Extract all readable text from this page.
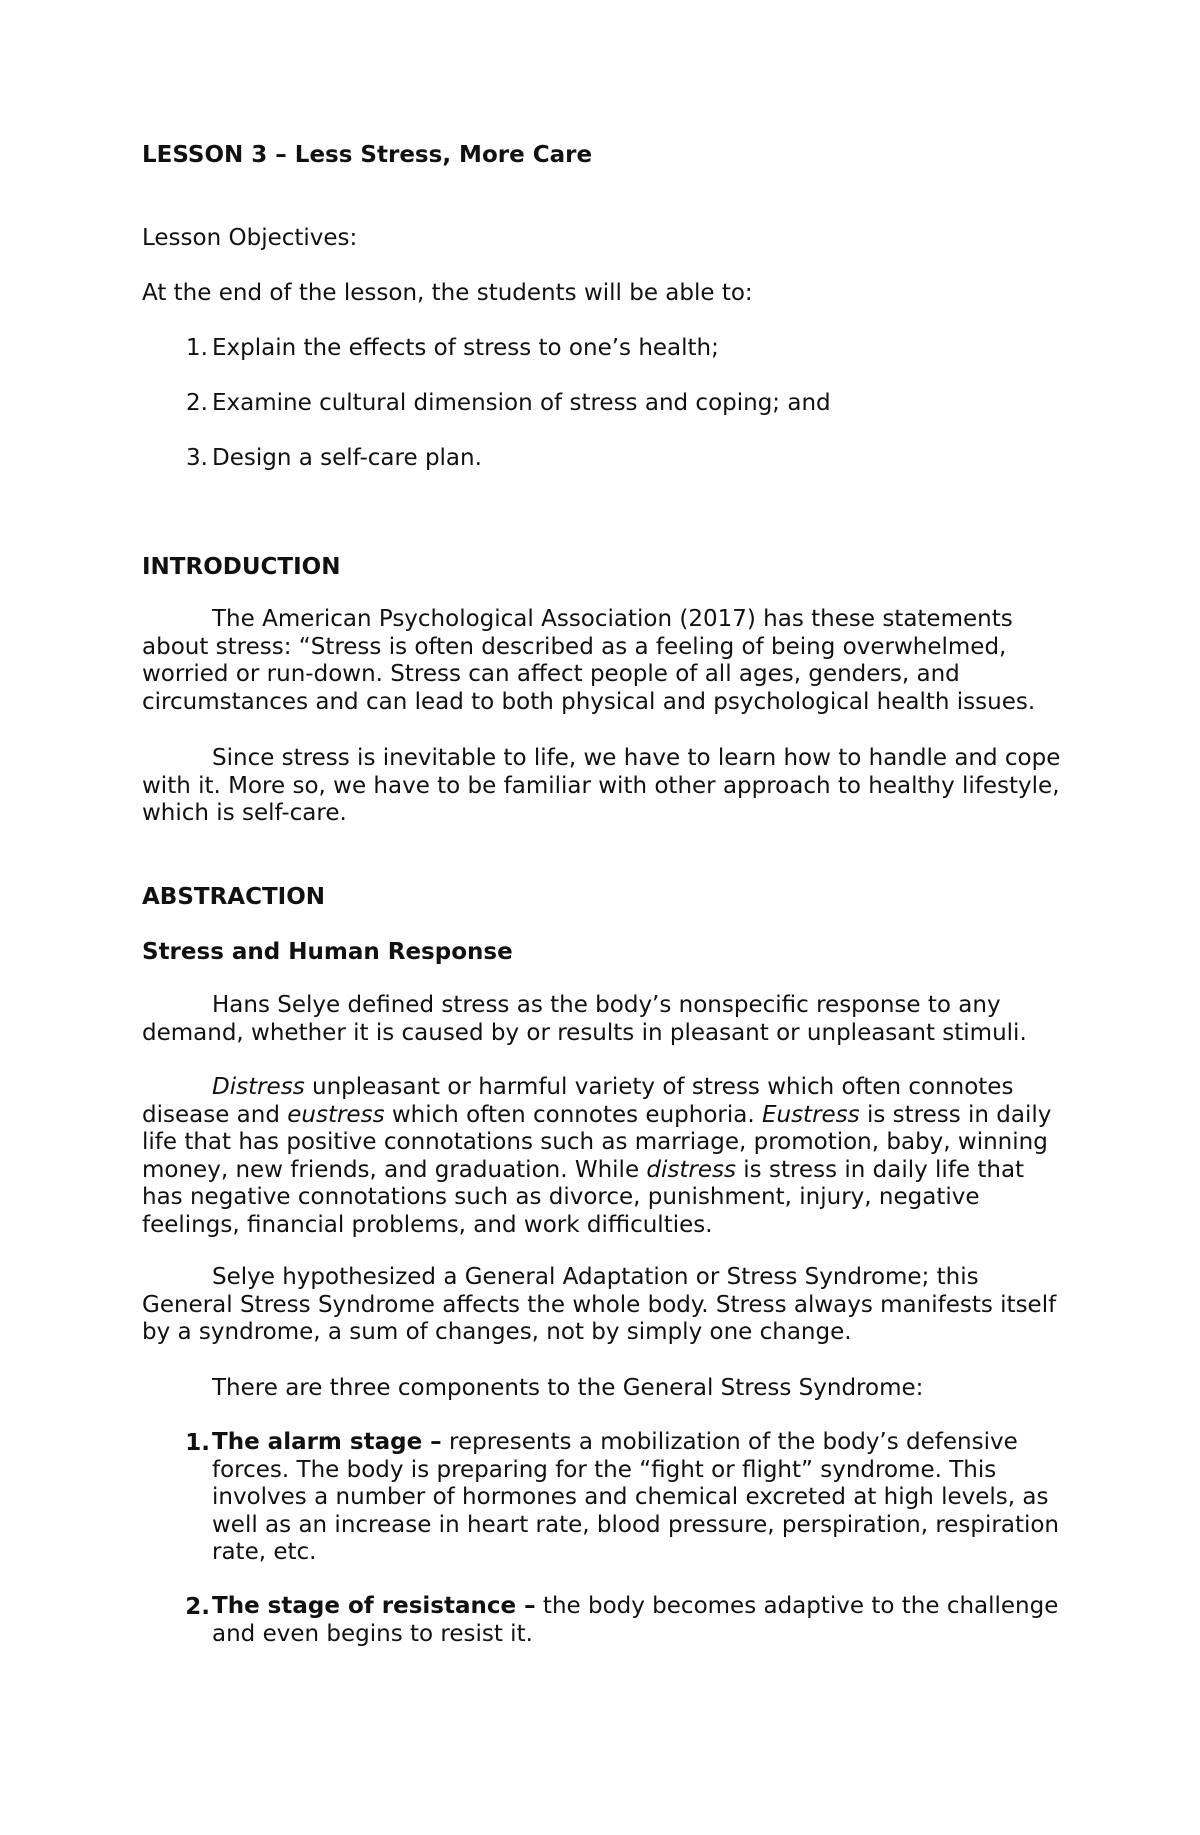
LESSON 3 – Less Stress, More Care
Lesson Objectives:
At the end of the lesson, the students will be able to:
1. Explain the effects of stress to one’s health;
2. Examine cultural dimension of stress and coping; and
3. Design a self-care plan.
INTRODUCTION

The American Psychological Association (2017) has these statements about stress: “Stress is often described as a feeling of being overwhelmed, worried or run-down. Stress can affect people of all ages, genders, and circumstances and can lead to both physical and psychological health issues.

Since stress is inevitable to life, we have to learn how to handle and cope with it. More so, we have to be familiar with other approach to healthy lifestyle, which is self-care.

ABSTRACTION
Stress and Human Response

Hans Selye defined stress as the body’s nonspecific response to any demand, whether it is caused by or results in pleasant or unpleasant stimuli.

Distress unpleasant or harmful variety of stress which often connotes disease and eustress which often connotes euphoria. Eustress is stress in daily life that has positive connotations such as marriage, promotion, baby, winning money, new friends, and graduation. While distress is stress in daily life that has negative connotations such as divorce, punishment, injury, negative feelings, financial problems, and work difficulties.

Selye hypothesized a General Adaptation or Stress Syndrome; this General Stress Syndrome affects the whole body. Stress always manifests itself by a syndrome, a sum of changes, not by simply one change.

There are three components to the General Stress Syndrome:

1. The alarm stage – represents a mobilization of the body’s defensive forces. The body is preparing for the “fight or flight” syndrome. This involves a number of hormones and chemical excreted at high levels, as well as an increase in heart rate, blood pressure, perspiration, respiration rate, etc.
2. The stage of resistance – the body becomes adaptive to the challenge and even begins to resist it.
